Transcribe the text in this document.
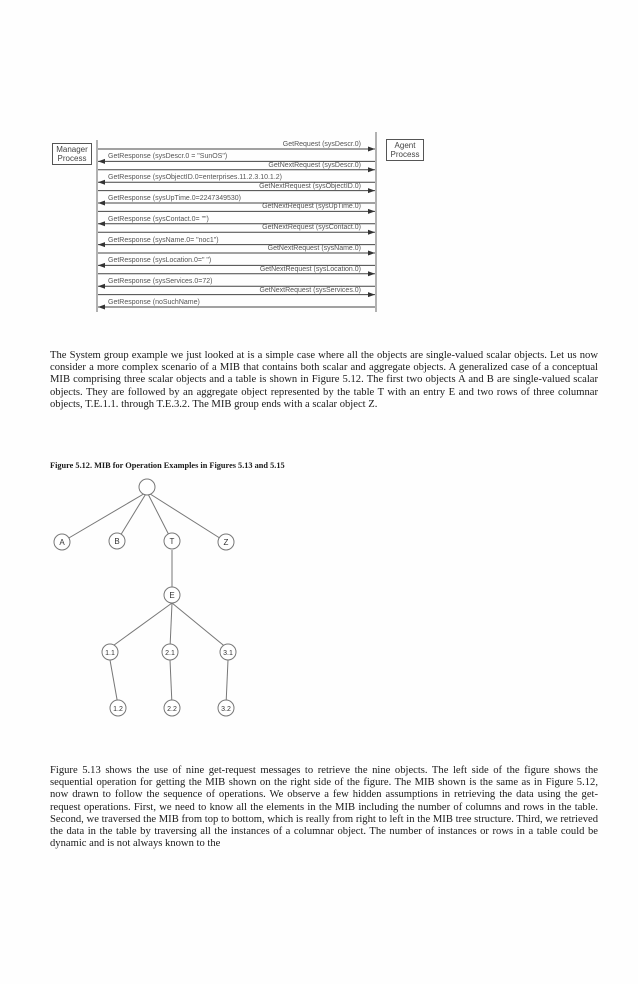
Manager Process
Agent Process
GetRequest (sysDescr.0)
GetResponse (sysDescr.0 = "SunOS")
GetNextRequest (sysDescr.0)
GetResponse (sysObjectID.0=enterprises.11.2.3.10.1.2)
GetNextRequest (sysObjectID.0)
GetResponse (sysUpTime.0=2247349530)
GetNextRequest (sysUpTime.0)
GetResponse (sysContact.0= "")
GetNextRequest (sysContact.0)
GetResponse (sysName.0= "noc1")
GetNextRequest (sysName.0)
GetResponse (sysLocation.0=" ")
GetNextRequest (sysLocation.0)
GetResponse (sysServices.0=72)
GetNextRequest (sysServices.0)
GetResponse (noSuchName)
The System group example we just looked at is a simple case where all the objects are single-valued scalar objects. Let us now consider a more complex scenario of a MIB that contains both scalar and aggregate objects. A generalized case of a conceptual MIB comprising three scalar objects and a table is shown in Figure 5.12. The first two objects A and B are single-valued scalar objects. They are followed by an aggregate object represented by the table T with an entry E and two rows of three columnar objects, T.E.1.1. through T.E.3.2. The MIB group ends with a scalar object Z.
Figure 5.12. MIB for Operation Examples in Figures 5.13 and 5.15
A	B	T	Z
E
1.1	2.1	3.1
1.2	2.2	3.2
Figure 5.13 shows the use of nine get-request messages to retrieve the nine objects. The left side of the figure shows the sequential operation for getting the MIB shown on the right side of the figure. The MIB shown is the same as in Figure 5.12, now drawn to follow the sequence of operations. We observe a few hidden assumptions in retrieving the data using the get-request operations. First, we need to know all the elements in the MIB including the number of columns and rows in the table. Second, we traversed the MIB from top to bottom, which is really from right to left in the MIB tree structure. Third, we retrieved the data in the table by traversing all the instances of a columnar object. The number of instances or rows in a table could be dynamic and is not always known to the
